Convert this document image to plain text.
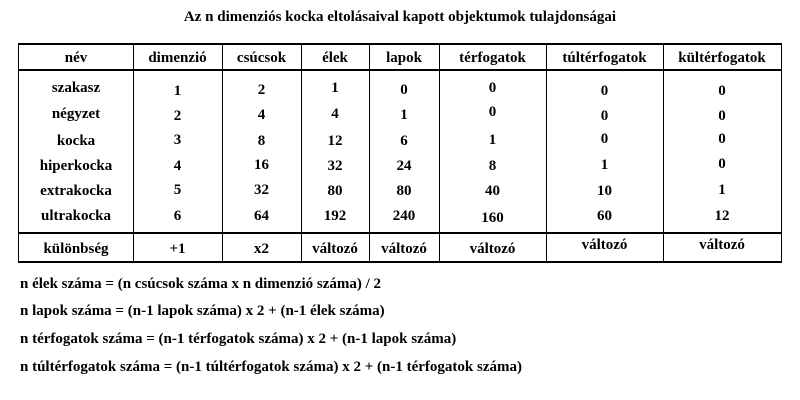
Az n dimenziós kocka eltolásaival kapott objektumok tulajdonságai
név	dimenzió	csúcsok	élek	lapok	térfogatok	túltérfogatok	kültérfogatok
szakasz	1	2	1	0	0	0	0
négyzet	2	4	4	1	0	0	0
kocka	3	8	12	6	1	0	0
hiperkocka	4	16	32	24	8	1	0
extrakocka	5	32	80	80	40	10	1
ultrakocka	6	64	192	240	160	60	12
különbség	+1	x2	változó	változó	változó	változó	változó
n élek száma = (n csúcsok száma x n dimenzió száma) / 2
n lapok száma = (n-1 lapok száma) x 2 + (n-1 élek száma)
n térfogatok száma = (n-1 térfogatok száma) x 2 + (n-1 lapok száma)
n túltérfogatok száma = (n-1 túltérfogatok száma) x 2 + (n-1 térfogatok száma)
